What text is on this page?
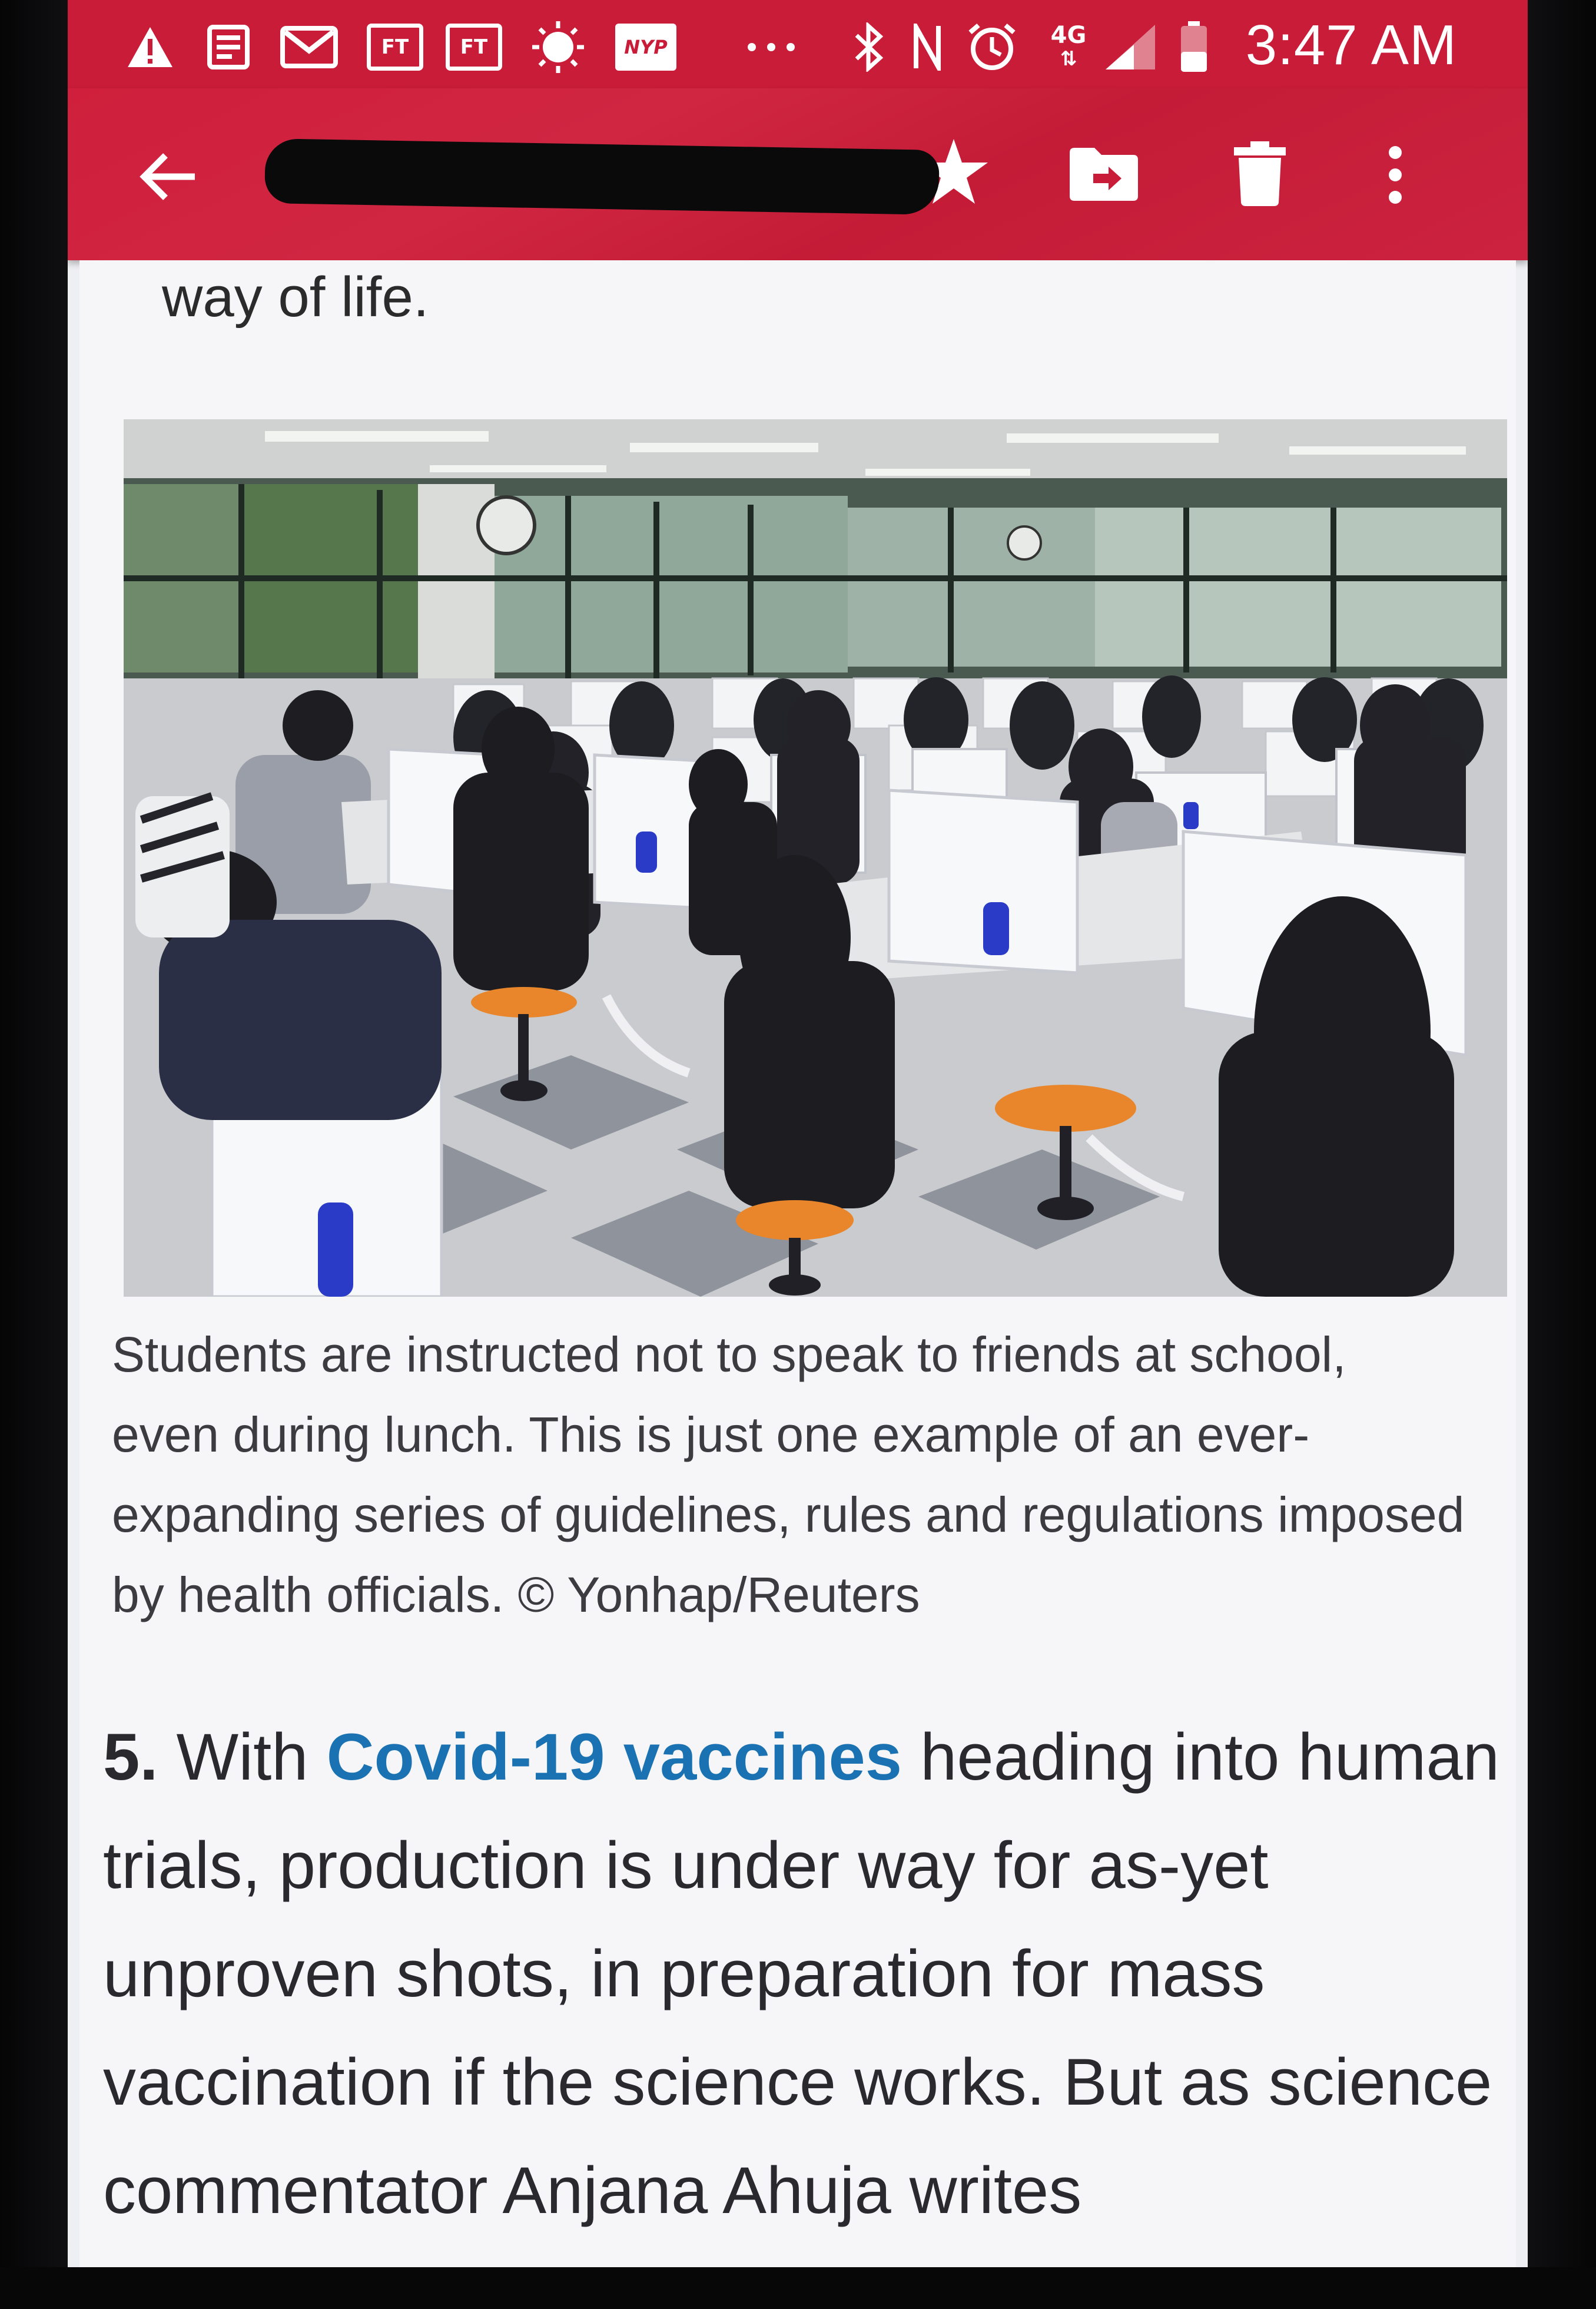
FT	FT	NYP	4G
⇅	3:47 AM

way of life.

Students are instructed not to speak to friends at school, even during lunch. This is just one example of an ever-expanding series of guidelines, rules and regulations imposed by health officials. © Yonhap/Reuters

5. With Covid-19 vaccines heading into human trials, production is under way for as-yet unproven shots, in preparation for mass vaccination if the science works. But as science commentator Anjana Ahuja writes
